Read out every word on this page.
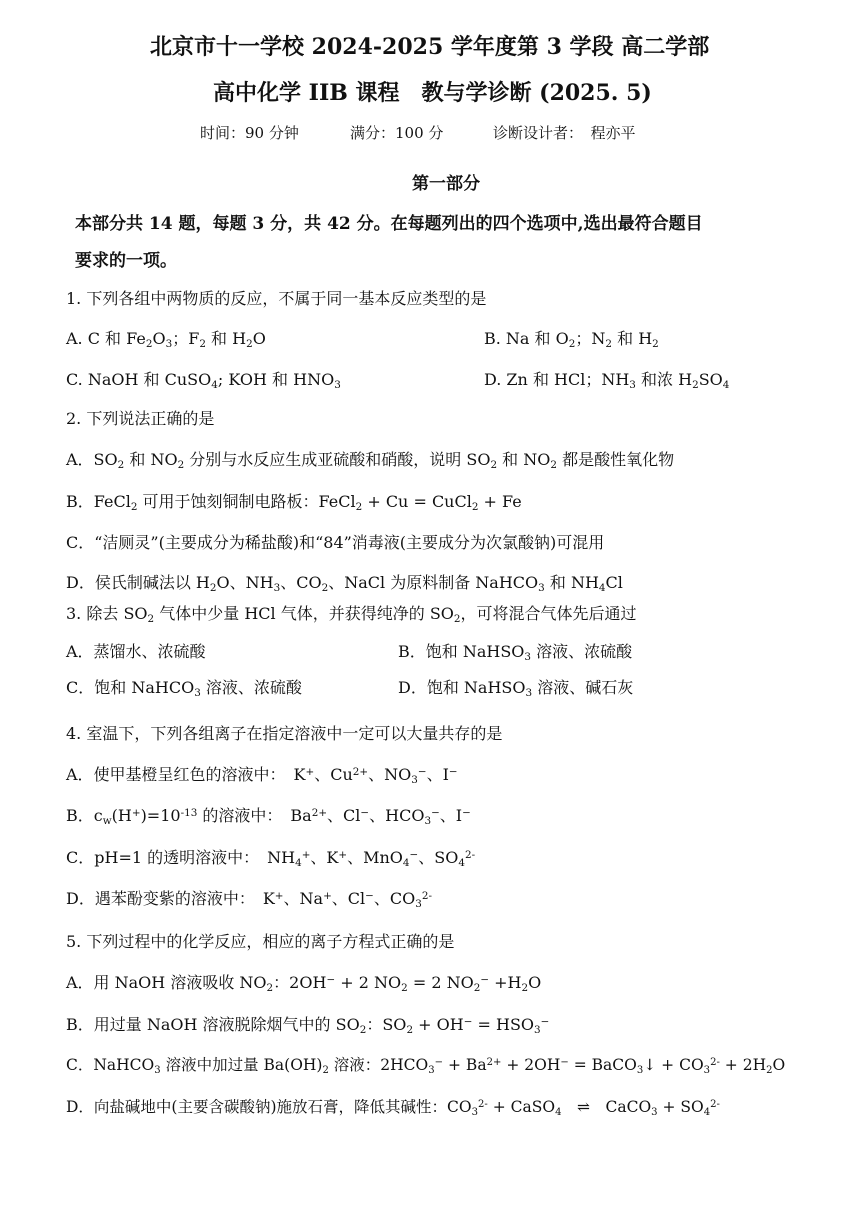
北京市十一学校 2024-2025 学年度第 3 学段 高二学部
高中化学 IIB 课程　教与学诊断 (2025. 5)
时间：90 分钟	满分：100 分	诊断设计者：　程亦平
第一部分
本部分共 14 题，每题 3 分，共 42 分。在每题列出的四个选项中,选出最符合题目
要求的一项。
1. 下列各组中两物质的反应，不属于同一基本反应类型的是
A. C 和 $Fe_2O_3$；$F_2$ 和 $H_2O$	B. Na 和 $O_2$；$N_2$ 和 $H_2$
C. NaOH 和 CuSO$_4$; KOH 和 $HNO_3$	D. Zn 和 HCl；$NH_3$ 和浓 $H_2SO_4$
2. 下列说法正确的是
A．$SO_2$ 和 $NO_2$ 分别与水反应生成亚硫酸和硝酸，说明 $SO_2$ 和 $NO_2$ 都是酸性氧化物
B．FeCl$_2$ 可用于蚀刻铜制电路板：FeCl$_2$ + Cu = CuCl$_2$ + Fe
C．“洁厕灵”(主要成分为稀盐酸)和“84”消毒液(主要成分为次氯酸钠)可混用
D．侯氏制碱法以 $H_2O$、$NH_3$、$CO_2$、NaCl 为原料制备 NaHCO$_3$ 和 $NH_4Cl$
3. 除去 $SO_2$ 气体中少量 HCl 气体，并获得纯净的 $SO_2$，可将混合气体先后通过
A．蒸馏水、浓硫酸	B．饱和 NaHSO$_3$ 溶液、浓硫酸
C．饱和 NaHCO$_3$ 溶液、浓硫酸	D．饱和 NaHSO$_3$ 溶液、碱石灰
4. 室温下，下列各组离子在指定溶液中一定可以大量共存的是
A．使甲基橙呈红色的溶液中：　K+、$Cu^{2+}$、$NO_3^-$、I−
B．$c_w(H^+)=10^{-13}$ 的溶液中：　$Ba^{2+}$、Cl−、$HCO_3^-$、I−
C．pH=1 的透明溶液中：　$NH_4^+$、K+、MnO$_4$−、$SO_4^{2-}$
D．遇苯酚变紫的溶液中：　K+、Na+、Cl−、$CO_3^{2-}$
5. 下列过程中的化学反应，相应的离子方程式正确的是
A．用 NaOH 溶液吸收 $NO_2$：2OH− + 2 $NO_2 = 2$ $NO_2^- +H_2O$
B．用过量 NaOH 溶液脱除烟气中的 $SO_2$：$SO_2 + OH^- = HSO_3^-$
C．NaHCO$_3$ 溶液中加过量 $Ba(OH)_2$ 溶液：$2HCO_3^- + Ba^{2+} + 2OH^-$ = BaCO$_3$↓ + $CO_3^{2-} + 2H_2O$
D．向盐碱地中(主要含碳酸钠)施放石膏，降低其碱性：$CO_3^{2-}$ + CaSO$_4$　⇌　CaCO$_3$ + $SO_4^{2-}$
